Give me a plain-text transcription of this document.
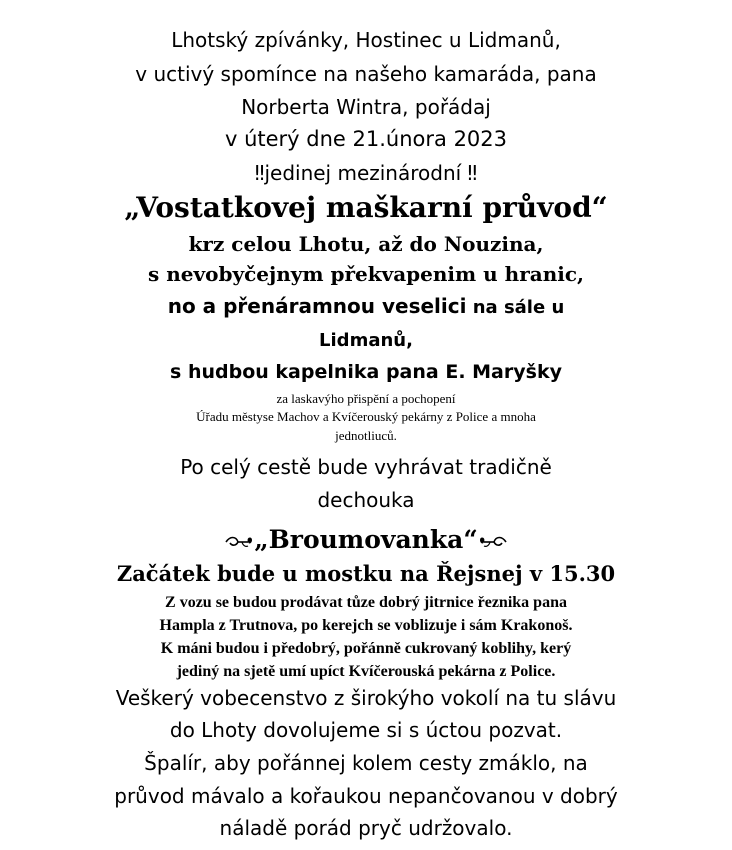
Lhotský zpívánky, Hostinec u Lidmanů,

v uctivý spomínce na našeho kamaráda, pana

Norberta Wintra, pořádaj

v úterý dne 21.února 2023

‼jedinej mezinárodní ‼

„Vostatkovej maškarní průvod“

krz celou Lhotu, až do Nouzina,

s nevobyčejnym překvapenim u hranic,

no a přenáramnou veselici na sále u

Lidmanů,

s hudbou kapelnika pana E. Maryšky

za laskavýho přispění a pochopení

Úřadu městyse Machov a Kvíčerouský pekárny z Police a mnoha

jednotliuců.

Po celý cestě bude vyhrávat tradičně

dechouka

„Broumovanka“

Začátek bude u mostku na Řejsnej v 15.30

Z vozu se budou prodávat tůze dobrý jitrnice řeznika pana

Hampla z Trutnova, po kerejch se voblizuje i sám Krakonoš.

K máni budou i předobrý, pořánně cukrovaný koblihy, kerý

jediný na sjetě umí upíct Kvíčerouská pekárna z Police.

Veškerý vobecenstvo z širokýho vokolí na tu slávu

do Lhoty dovolujeme si s úctou pozvat.

Špalír, aby pořánnej kolem cesty zmáklo, na

průvod mávalo a kořaukou nepančovanou v dobrý

náladě porád pryč udržovalo.
